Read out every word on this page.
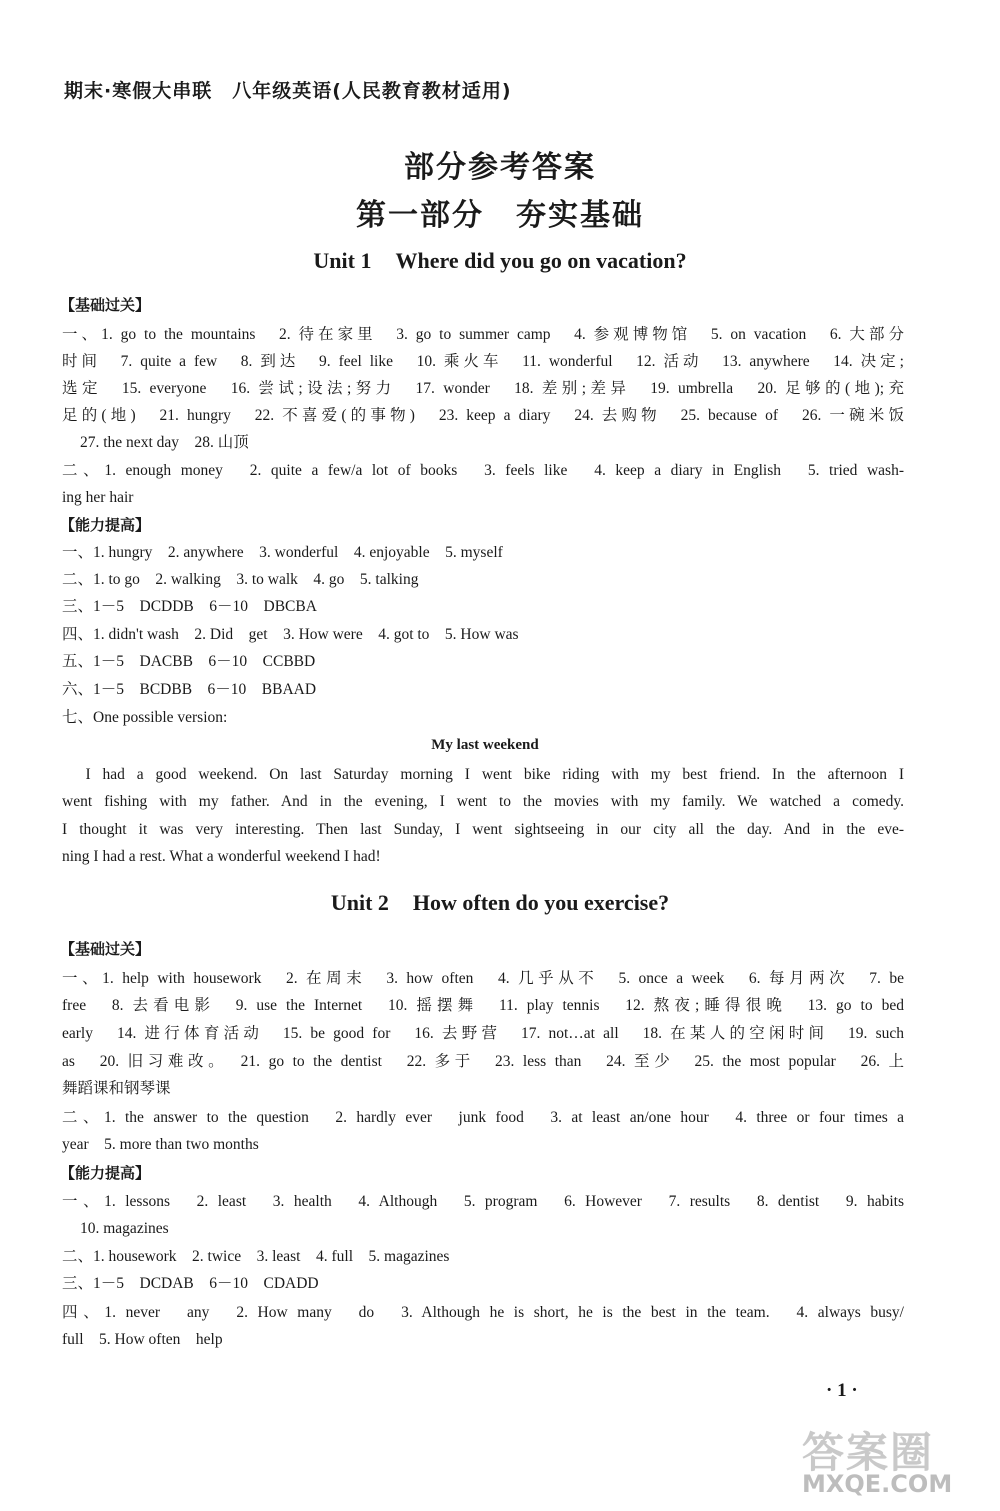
期末·寒假大串联　八年级英语(人民教育教材适用)
部分参考答案
第一部分　夯实基础
Unit 1 Where did you go on vacation?
【基础过关】
一、1. go to the mountains　2. 待在家里　3. go to summer camp　4. 参观博物馆　5. on vacation　6. 大部分
时间　7. quite a few　8. 到达　9. feel like　10. 乘火车　11. wonderful　12. 活动　13. anywhere　14. 决定;
选定　15. everyone　16. 尝试;设法;努力　17. wonder　18. 差别;差异　19. umbrella　20. 足够的(地);充
足的(地)　21. hungry　22. 不喜爱(的事物)　23. keep a diary　24. 去购物　25. because of　26. 一碗米饭
27. the next day　28. 山顶
二、1. enough money　2. quite a few/a lot of books　3. feels like　4. keep a diary in English　5. tried wash-
ing her hair
【能力提高】
一、1. hungry　2. anywhere　3. wonderful　4. enjoyable　5. myself
二、1. to go　2. walking　3. to walk　4. go　5. talking
三、1－5　DCDDB　6－10　DBCBA
四、1. didn't wash　2. Did　get　3. How were　4. got to　5. How was
五、1－5　DACBB　6－10　CCBBD
六、1－5　BCDBB　6－10　BBAAD
七、One possible version:
My last weekend
　I had a good weekend. On last Saturday morning I went bike riding with my best friend. In the afternoon I
went fishing with my father. And in the evening, I went to the movies with my family. We watched a comedy.
I thought it was very interesting. Then last Sunday, I went sightseeing in our city all the day. And in the eve-
ning I had a rest. What a wonderful weekend I had!
Unit 2 How often do you exercise?
【基础过关】
一、1. help with housework　2. 在周末　3. how often　4. 几乎从不　5. once a week　6. 每月两次　7. be
free　8. 去看电影　9. use the Internet　10. 摇摆舞　11. play tennis　12. 熬夜;睡得很晚　13. go to bed
early　14. 进行体育活动　15. be good for　16. 去野营　17. not…at all　18. 在某人的空闲时间　19. such
as　20. 旧习难改。　21. go to the dentist　22. 多于　23. less than　24. 至少　25. the most popular　26. 上
舞蹈课和钢琴课
二、1. the answer to the question　2. hardly ever　junk food　3. at least an/one hour　4. three or four times a
year　5. more than two months
【能力提高】
一、1. lessons　2. least　3. health　4. Although　5. program　6. However　7. results　8. dentist　9. habits
10. magazines
二、1. housework　2. twice　3. least　4. full　5. magazines
三、1－5　DCDAB　6－10　CDADD
四、1. never　any　2. How many　do　3. Although he is short, he is the best in the team.　4. always busy/
full　5. How often　help
· 1 ·
答案圈
MXQE.COM
